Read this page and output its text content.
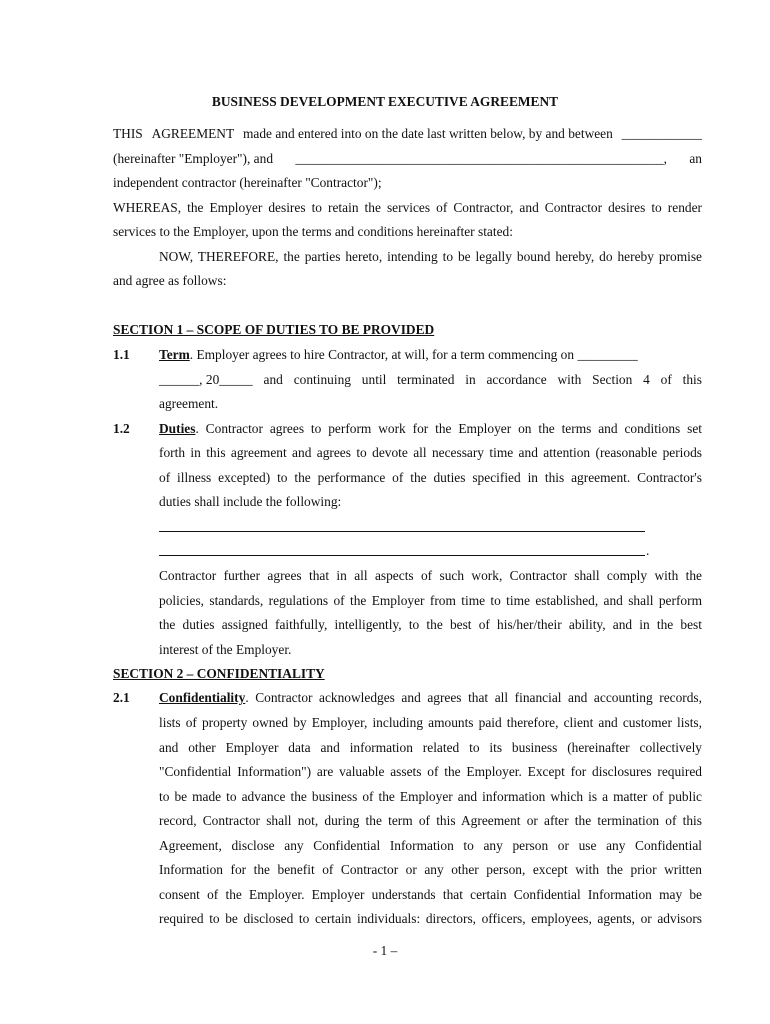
BUSINESS DEVELOPMENT EXECUTIVE AGREEMENT
THIS AGREEMENT made and entered into on the date last written below, by and between ____________
(hereinafter "Employer"), and _______________________________________________________, an
independent contractor (hereinafter "Contractor");
WHEREAS, the Employer desires to retain the services of Contractor, and Contractor desires to render
services to the Employer, upon the terms and conditions hereinafter stated:
NOW, THEREFORE, the parties hereto, intending to be legally bound hereby, do hereby promise
and agree as follows:
SECTION 1 – SCOPE OF DUTIES TO BE PROVIDED
1.1 Term. Employer agrees to hire Contractor, at will, for a term commencing on _________
______, 20_____ and continuing until terminated in accordance with Section 4 of this
agreement.
1.2 Duties. Contractor agrees to perform work for the Employer on the terms and conditions set
forth in this agreement and agrees to devote all necessary time and attention (reasonable periods
of illness excepted) to the performance of the duties specified in this agreement. Contractor's
duties shall include the following:
.
Contractor further agrees that in all aspects of such work, Contractor shall comply with the
policies, standards, regulations of the Employer from time to time established, and shall perform
the duties assigned faithfully, intelligently, to the best of his/her/their ability, and in the best
interest of the Employer.
SECTION 2 – CONFIDENTIALITY
2.1 Confidentiality. Contractor acknowledges and agrees that all financial and accounting records,
lists of property owned by Employer, including amounts paid therefore, client and customer lists,
and other Employer data and information related to its business (hereinafter collectively
"Confidential Information") are valuable assets of the Employer. Except for disclosures required
to be made to advance the business of the Employer and information which is a matter of public
record, Contractor shall not, during the term of this Agreement or after the termination of this
Agreement, disclose any Confidential Information to any person or use any Confidential
Information for the benefit of Contractor or any other person, except with the prior written
consent of the Employer. Employer understands that certain Confidential Information may be
required to be disclosed to certain individuals: directors, officers, employees, agents, or advisors
- 1 –
